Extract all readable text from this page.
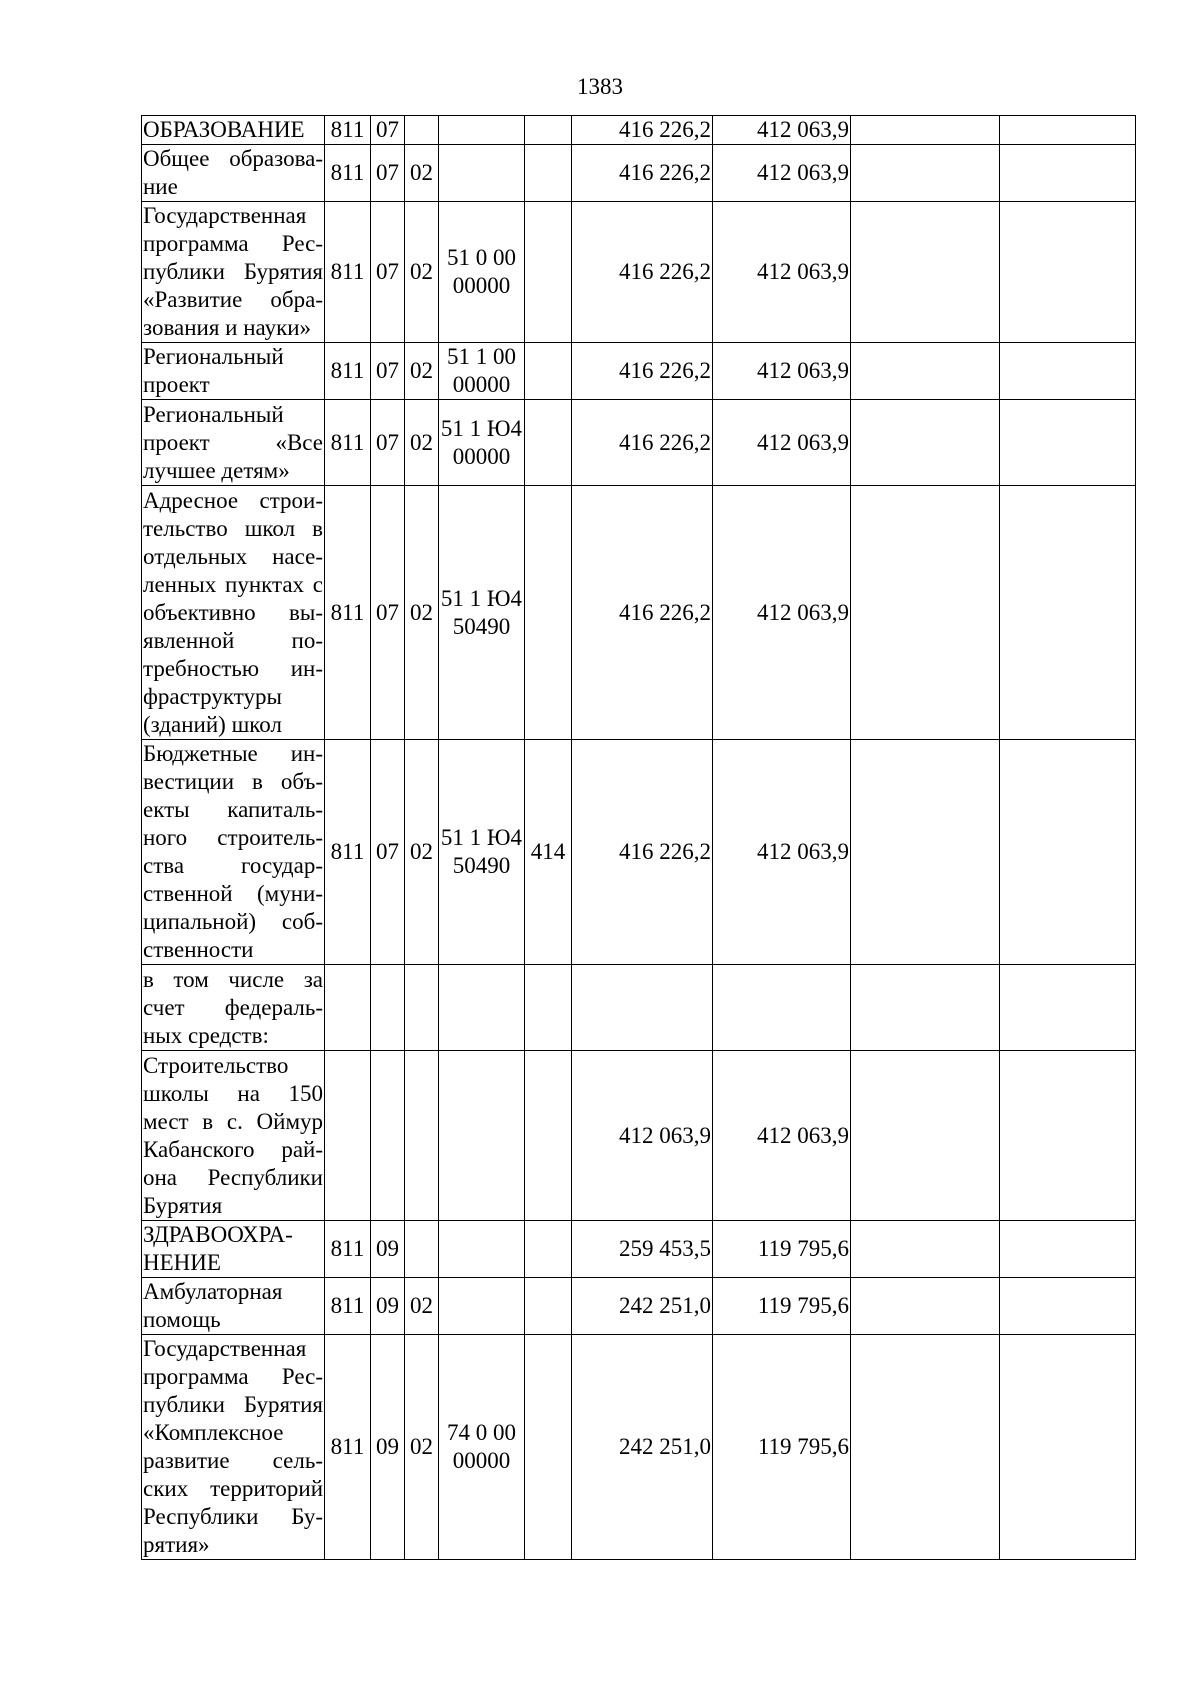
1383
ОБРАЗОВАНИЕ	811	07				416 226,2	412 063,9		
Общее образова-ние	811	07	02			416 226,2	412 063,9		
Государственная программа Рес-публики Бурятия «Развитие обра-зования и науки»	811	07	02	51 0 00 00000		416 226,2	412 063,9		
Региональный проект	811	07	02	51 1 00 00000		416 226,2	412 063,9		
Региональный проект «Все лучшее детям»	811	07	02	51 1 Ю4 00000		416 226,2	412 063,9		
Адресное строи-тельство школ в отдельных насе-ленных пунктах с объективно вы-явленной по-требностью ин-фраструктуры (зданий) школ	811	07	02	51 1 Ю4 50490		416 226,2	412 063,9		
Бюджетные ин-вестиции в объ-екты капиталь-ного строитель-ства государ-ственной (муни-ципальной) соб-ственности	811	07	02	51 1 Ю4 50490	414	416 226,2	412 063,9		
в том числе за счет федераль-ных средств:									
Строительство школы на 150 мест в с. Оймур Кабанского рай-она Республики Бурятия						412 063,9	412 063,9		
ЗДРАВООХРА-НЕНИЕ	811	09				259 453,5	119 795,6		
Амбулаторная помощь	811	09	02			242 251,0	119 795,6		
Государственная программа Рес-публики Бурятия «Комплексное развитие сель-ских территорий Республики Бу-рятия»	811	09	02	74 0 00 00000		242 251,0	119 795,6		
